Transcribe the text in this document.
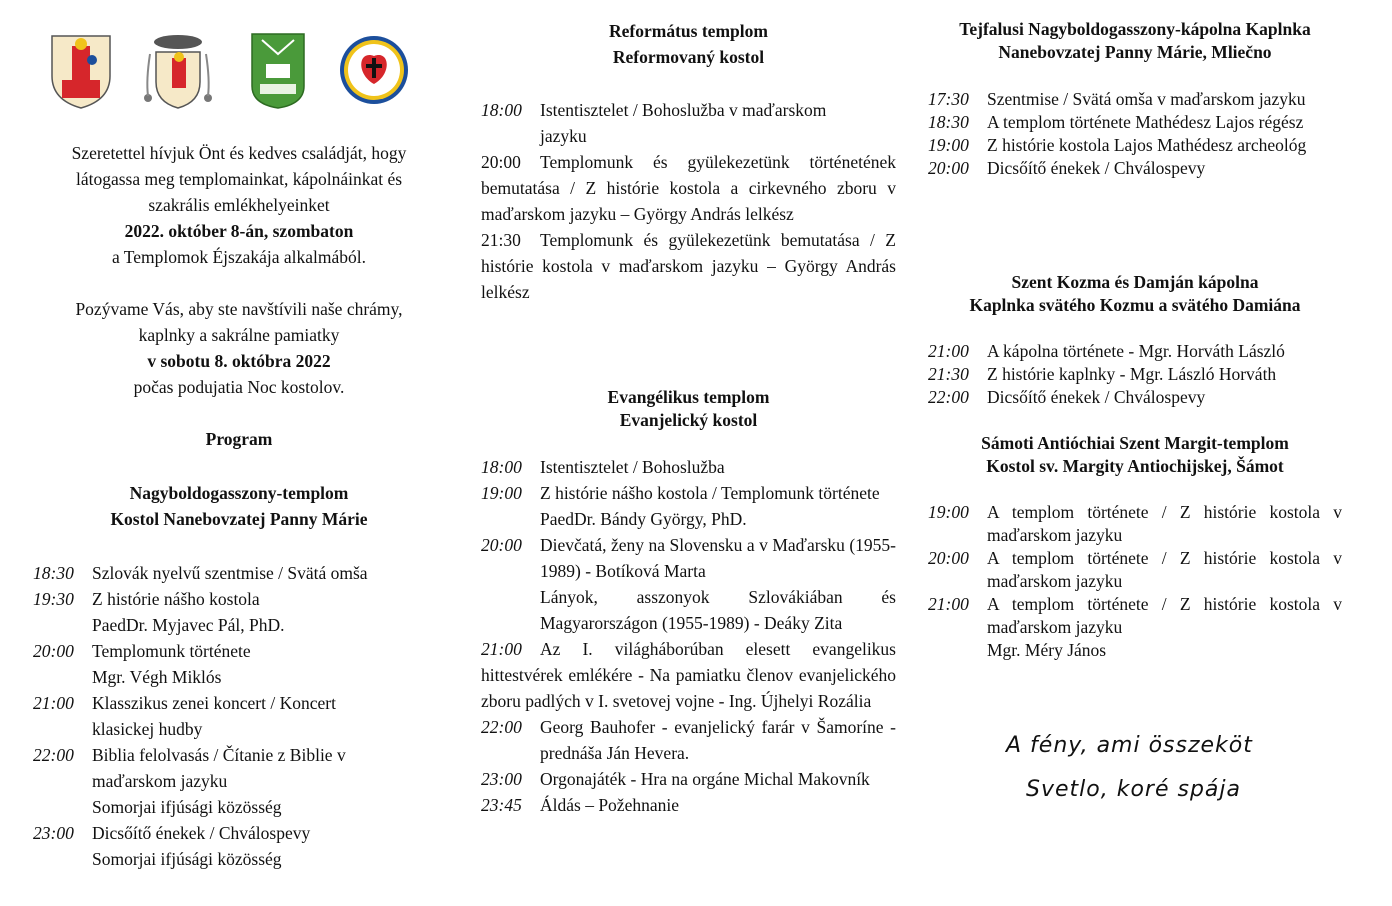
Szeretettel hívjuk Önt és kedves családját, hogy

látogassa meg templomainkat, kápolnáinkat és

szakrális emlékhelyeinket

2022. október 8-án, szombaton

a Templomok Éjszakája alkalmából.

Pozývame Vás, aby ste navštívili naše chrámy,

kaplnky a sakrálne pamiatky

v sobotu 8. októbra 2022

počas podujatia Noc kostolov.

Program

Nagyboldogasszony-templom
Kostol Nanebovzatej Panny Márie
18:30	Szlovák nyelvű szentmise / Svätá omša
19:30	Z histórie nášho kostola
PaedDr. Myjavec Pál, PhD.
20:00	Templomunk története
Mgr. Végh Miklós
21:00	Klasszikus zenei koncert / Koncert klasickej hudby
22:00	Biblia felolvasás / Čítanie z Biblie v maďarskom jazyku
Somorjai ifjúsági közösség
23:00	Dicsőítő énekek / Chválospevy
Somorjai ifjúsági közösség
Református templom
Reformovaný kostol
18:00	Istentisztelet / Bohoslužba v maďarskom jazyku
20:00 Templomunk és gyülekezetünk történetének bemutatása / Z histórie kostola a cirkevného zboru v maďarskom jazyku – György András lelkész
21:30 Templomunk és gyülekezetünk bemutatása / Z histórie kostola v maďarskom jazyku – György András lelkész
Evangélikus templom
Evanjelický kostol
18:00	Istentisztelet / Bohoslužba
19:00	Z histórie nášho kostola / Templomunk története
PaedDr. Bándy György, PhD.
20:00	Dievčatá, ženy na Slovensku a v Maďarsku (1955-1989) - Botíková Marta
Lányok, asszonyok Szlovákiában és Magyarországon (1955-1989) - Deáky Zita
21:00 Az I. világháborúban elesett evangelikus hittestvérek emlékére - Na pamiatku členov evanjelického zboru padlých v I. svetovej vojne - Ing. Újhelyi Rozália
22:00	Georg Bauhofer - evanjelický farár v Šamoríne - prednáša Ján Hevera.
23:00	Orgonajáték - Hra na orgáne Michal Makovník
23:45	Áldás – Požehnanie
Tejfalusi Nagyboldogasszony-kápolna Kaplnka
Nanebovzatej Panny Márie, Mliečno
17:30	Szentmise / Svätá omša v maďarskom jazyku
18:30	A templom története Mathédesz Lajos régész
19:00	Z histórie kostola Lajos Mathédesz archeológ
20:00	Dicsőítő énekek / Chválospevy
Szent Kozma és Damján kápolna
Kaplnka svätého Kozmu a svätého Damiána
21:00	A kápolna története - Mgr. Horváth László
21:30	Z histórie kaplnky - Mgr. László Horváth
22:00	Dicsőítő énekek / Chválospevy
Sámoti Antióchiai Szent Margit-templom
Kostol sv. Margity Antiochijskej, Šámot
19:00	A templom története / Z histórie kostola v maďarskom jazyku
20:00	A templom története / Z histórie kostola v maďarskom jazyku
21:00	A templom története / Z histórie kostola v maďarskom jazyku
Mgr. Méry János
A fény, ami összeköt
Svetlo, koré spája
